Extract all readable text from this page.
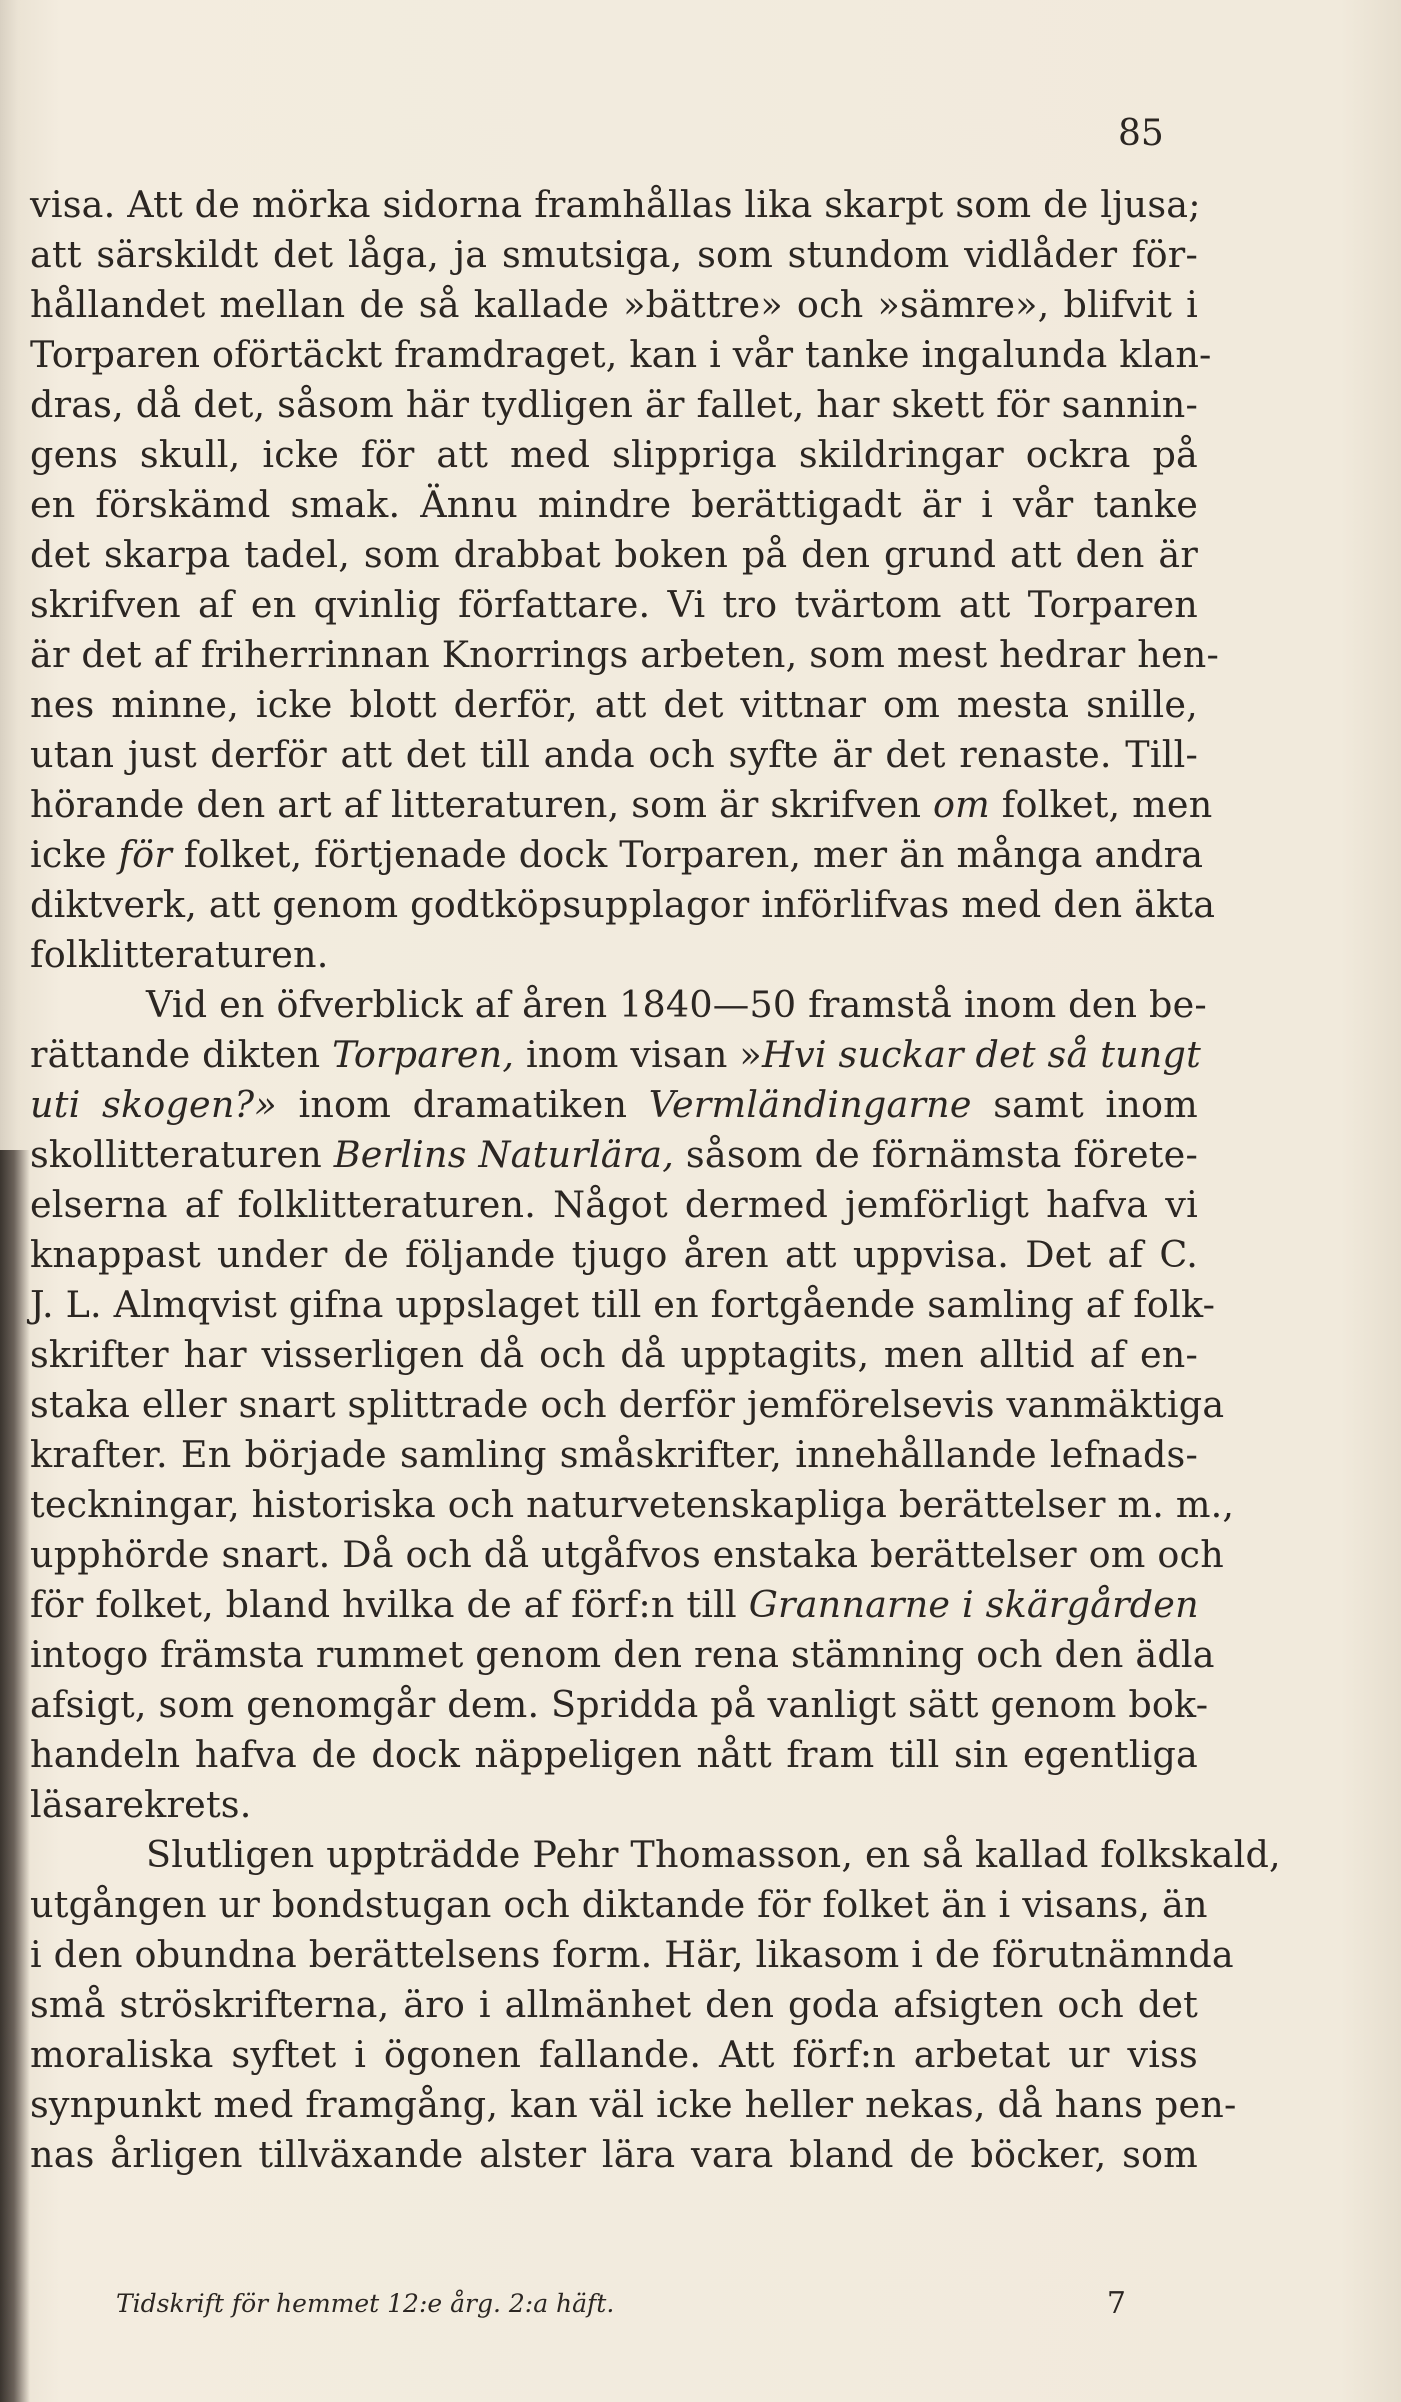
85
visa. Att de mörka sidorna framhållas lika skarpt som de ljusa;
att särskildt det låga, ja smutsiga, som stundom vidlåder för-
hållandet mellan de så kallade »bättre» och »sämre», blifvit i
Torparen oförtäckt framdraget, kan i vår tanke ingalunda klan-
dras, då det, såsom här tydligen är fallet, har skett för sannin-
gens skull, icke för att med slippriga skildringar ockra på
en förskämd smak. Ännu mindre berättigadt är i vår tanke
det skarpa tadel, som drabbat boken på den grund att den är
skrifven af en qvinlig författare. Vi tro tvärtom att Torparen
är det af friherrinnan Knorrings arbeten, som mest hedrar hen-
nes minne, icke blott derför, att det vittnar om mesta snille,
utan just derför att det till anda och syfte är det renaste. Till-
hörande den art af litteraturen, som är skrifven om folket, men
icke för folket, förtjenade dock Torparen, mer än många andra
diktverk, att genom godtköpsupplagor införlifvas med den äkta
folklitteraturen.
Vid en öfverblick af åren 1840—50 framstå inom den be-
rättande dikten Torparen, inom visan »Hvi suckar det så tungt
uti skogen?» inom dramatiken Vermländingarne samt inom
skollitteraturen Berlins Naturlära, såsom de förnämsta förete-
elserna af folklitteraturen. Något dermed jemförligt hafva vi
knappast under de följande tjugo åren att uppvisa. Det af C.
J. L. Almqvist gifna uppslaget till en fortgående samling af folk-
skrifter har visserligen då och då upptagits, men alltid af en-
staka eller snart splittrade och derför jemförelsevis vanmäktiga
krafter. En började samling småskrifter, innehållande lefnads-
teckningar, historiska och naturvetenskapliga berättelser m. m.,
upphörde snart. Då och då utgåfvos enstaka berättelser om och
för folket, bland hvilka de af förf:n till Grannarne i skärgården
intogo främsta rummet genom den rena stämning och den ädla
afsigt, som genomgår dem. Spridda på vanligt sätt genom bok-
handeln hafva de dock näppeligen nått fram till sin egentliga
läsarekrets.
Slutligen uppträdde Pehr Thomasson, en så kallad folkskald,
utgången ur bondstugan och diktande för folket än i visans, än
i den obundna berättelsens form. Här, likasom i de förutnämnda
små ströskrifterna, äro i allmänhet den goda afsigten och det
moraliska syftet i ögonen fallande. Att förf:n arbetat ur viss
synpunkt med framgång, kan väl icke heller nekas, då hans pen-
nas årligen tillväxande alster lära vara bland de böcker, som
Tidskrift för hemmet 12:e årg. 2:a häft.	7
